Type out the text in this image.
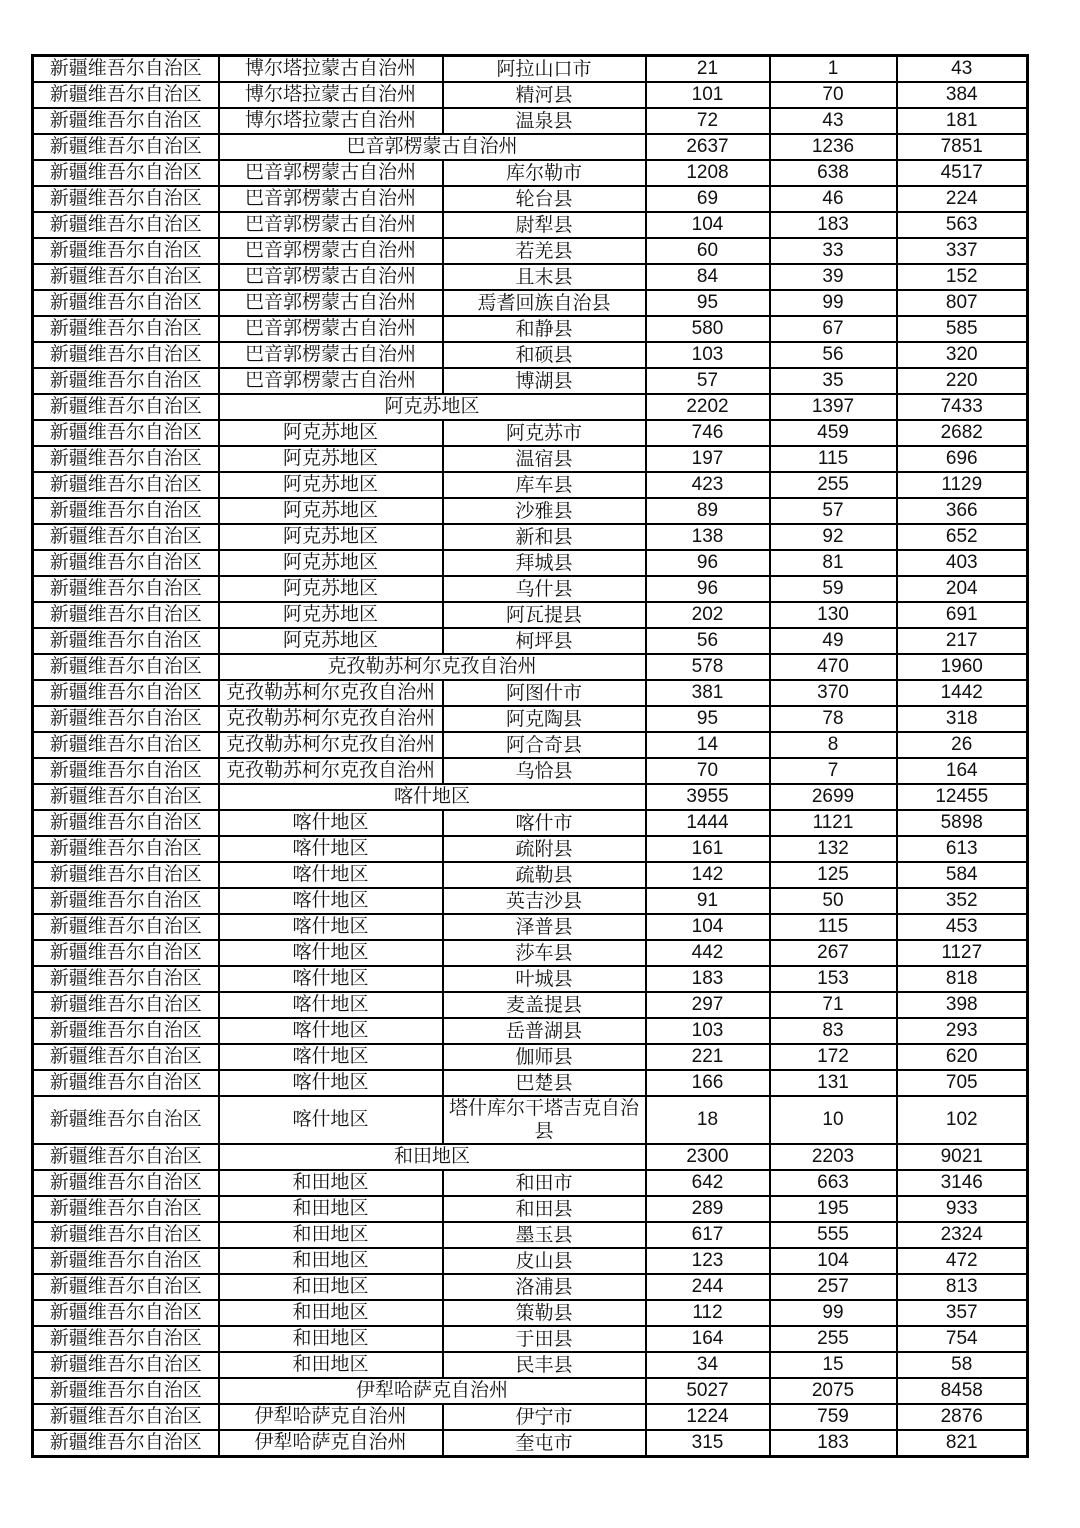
新疆维吾尔自治区	博尔塔拉蒙古自治州	阿拉山口市	21	1	43
新疆维吾尔自治区	博尔塔拉蒙古自治州	精河县	101	70	384
新疆维吾尔自治区	博尔塔拉蒙古自治州	温泉县	72	43	181
新疆维吾尔自治区	巴音郭楞蒙古自治州		2637	1236	7851
新疆维吾尔自治区	巴音郭楞蒙古自治州	库尔勒市	1208	638	4517
新疆维吾尔自治区	巴音郭楞蒙古自治州	轮台县	69	46	224
新疆维吾尔自治区	巴音郭楞蒙古自治州	尉犁县	104	183	563
新疆维吾尔自治区	巴音郭楞蒙古自治州	若羌县	60	33	337
新疆维吾尔自治区	巴音郭楞蒙古自治州	且末县	84	39	152
新疆维吾尔自治区	巴音郭楞蒙古自治州	焉耆回族自治县	95	99	807
新疆维吾尔自治区	巴音郭楞蒙古自治州	和静县	580	67	585
新疆维吾尔自治区	巴音郭楞蒙古自治州	和硕县	103	56	320
新疆维吾尔自治区	巴音郭楞蒙古自治州	博湖县	57	35	220
新疆维吾尔自治区	阿克苏地区		2202	1397	7433
新疆维吾尔自治区	阿克苏地区	阿克苏市	746	459	2682
新疆维吾尔自治区	阿克苏地区	温宿县	197	115	696
新疆维吾尔自治区	阿克苏地区	库车县	423	255	1129
新疆维吾尔自治区	阿克苏地区	沙雅县	89	57	366
新疆维吾尔自治区	阿克苏地区	新和县	138	92	652
新疆维吾尔自治区	阿克苏地区	拜城县	96	81	403
新疆维吾尔自治区	阿克苏地区	乌什县	96	59	204
新疆维吾尔自治区	阿克苏地区	阿瓦提县	202	130	691
新疆维吾尔自治区	阿克苏地区	柯坪县	56	49	217
新疆维吾尔自治区	克孜勒苏柯尔克孜自治州		578	470	1960
新疆维吾尔自治区	克孜勒苏柯尔克孜自治州	阿图什市	381	370	1442
新疆维吾尔自治区	克孜勒苏柯尔克孜自治州	阿克陶县	95	78	318
新疆维吾尔自治区	克孜勒苏柯尔克孜自治州	阿合奇县	14	8	26
新疆维吾尔自治区	克孜勒苏柯尔克孜自治州	乌恰县	70	7	164
新疆维吾尔自治区	喀什地区		3955	2699	12455
新疆维吾尔自治区	喀什地区	喀什市	1444	1121	5898
新疆维吾尔自治区	喀什地区	疏附县	161	132	613
新疆维吾尔自治区	喀什地区	疏勒县	142	125	584
新疆维吾尔自治区	喀什地区	英吉沙县	91	50	352
新疆维吾尔自治区	喀什地区	泽普县	104	115	453
新疆维吾尔自治区	喀什地区	莎车县	442	267	1127
新疆维吾尔自治区	喀什地区	叶城县	183	153	818
新疆维吾尔自治区	喀什地区	麦盖提县	297	71	398
新疆维吾尔自治区	喀什地区	岳普湖县	103	83	293
新疆维吾尔自治区	喀什地区	伽师县	221	172	620
新疆维吾尔自治区	喀什地区	巴楚县	166	131	705
新疆维吾尔自治区	喀什地区	塔什库尔干塔吉克自治县	18	10	102
新疆维吾尔自治区	和田地区		2300	2203	9021
新疆维吾尔自治区	和田地区	和田市	642	663	3146
新疆维吾尔自治区	和田地区	和田县	289	195	933
新疆维吾尔自治区	和田地区	墨玉县	617	555	2324
新疆维吾尔自治区	和田地区	皮山县	123	104	472
新疆维吾尔自治区	和田地区	洛浦县	244	257	813
新疆维吾尔自治区	和田地区	策勒县	112	99	357
新疆维吾尔自治区	和田地区	于田县	164	255	754
新疆维吾尔自治区	和田地区	民丰县	34	15	58
新疆维吾尔自治区	伊犁哈萨克自治州		5027	2075	8458
新疆维吾尔自治区	伊犁哈萨克自治州	伊宁市	1224	759	2876
新疆维吾尔自治区	伊犁哈萨克自治州	奎屯市	315	183	821
